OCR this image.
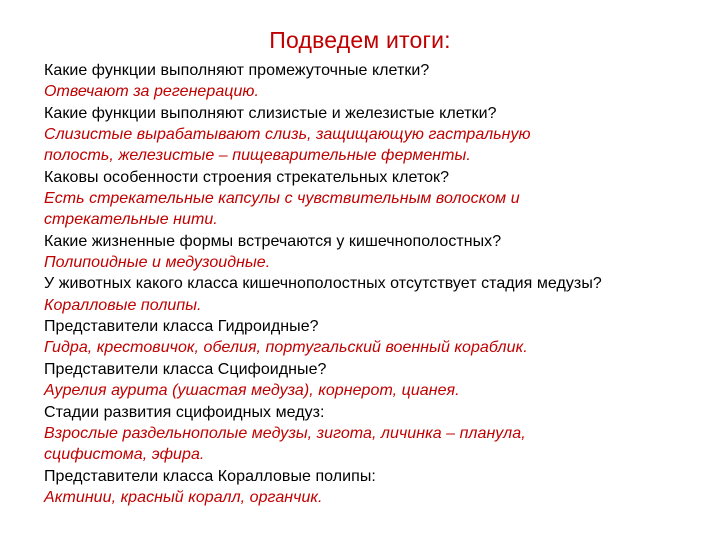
Подведем итоги:
Какие функции выполняют промежуточные клетки?
Отвечают за регенерацию.
Какие функции выполняют слизистые и железистые клетки?
Слизистые вырабатывают слизь, защищающую гастральную
полость, железистые – пищеварительные ферменты.
Каковы особенности строения стрекательных клеток?
Есть стрекательные капсулы с чувствительным волоском и
стрекательные нити.
Какие жизненные формы встречаются у кишечнополостных?
Полипоидные и медузоидные.
У животных какого класса кишечнополостных отсутствует стадия медузы?
Коралловые полипы.
Представители класса Гидроидные?
Гидра, крестовичок, обелия, португальский военный кораблик.
Представители класса Сцифоидные?
Аурелия аурита (ушастая медуза), корнерот, цианея.
Стадии развития сцифоидных медуз:
Взрослые раздельнополые медузы, зигота, личинка – планула,
сцифистома, эфира.
Представители класса Коралловые полипы:
Актинии, красный коралл, органчик.
